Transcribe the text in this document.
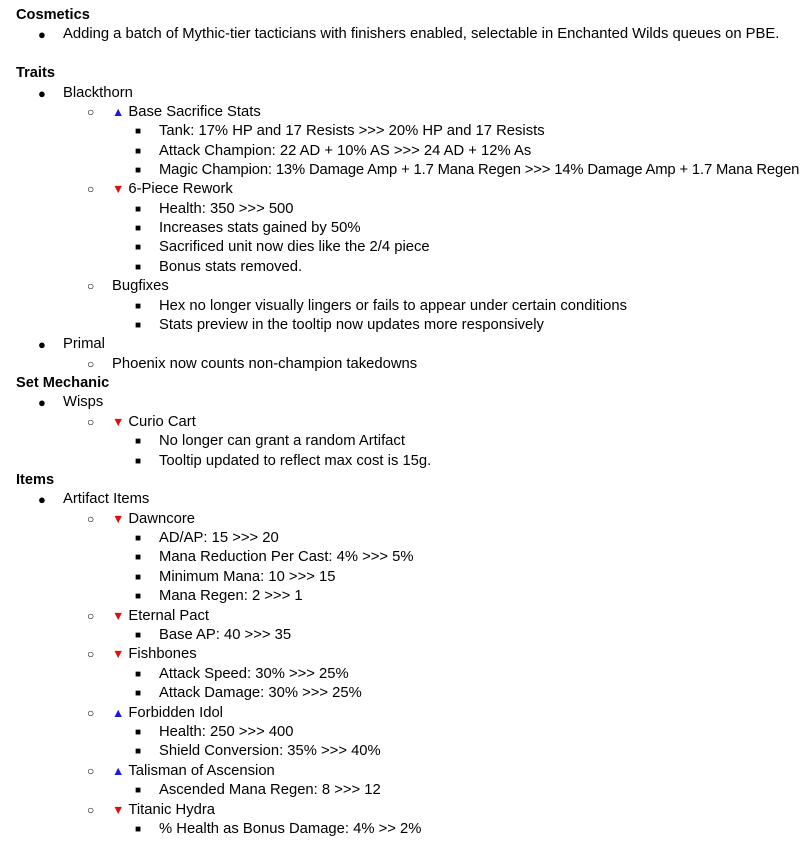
Cosmetics
● Adding a batch of Mythic-tier tacticians with finishers enabled, selectable in Enchanted Wilds queues on PBE.
Traits
● Blackthorn
○ ▲ Base Sacrifice Stats
■ Tank: 17% HP and 17 Resists >>> 20% HP and 17 Resists
■ Attack Champion: 22 AD + 10% AS >>> 24 AD + 12% As
■ Magic Champion: 13% Damage Amp + 1.7 Mana Regen >>> 14% Damage Amp + 1.7 Mana Regen
○ ▼ 6-Piece Rework
■ Health: 350 >>> 500
■ Increases stats gained by 50%
■ Sacrificed unit now dies like the 2/4 piece
■ Bonus stats removed.
○ Bugfixes
■ Hex no longer visually lingers or fails to appear under certain conditions
■ Stats preview in the tooltip now updates more responsively
● Primal
○ Phoenix now counts non-champion takedowns
Set Mechanic
● Wisps
○ ▼ Curio Cart
■ No longer can grant a random Artifact
■ Tooltip updated to reflect max cost is 15g.
Items
● Artifact Items
○ ▼ Dawncore
■ AD/AP: 15 >>> 20
■ Mana Reduction Per Cast: 4% >>> 5%
■ Minimum Mana: 10 >>> 15
■ Mana Regen: 2 >>> 1
○ ▼ Eternal Pact
■ Base AP: 40 >>> 35
○ ▼ Fishbones
■ Attack Speed: 30% >>> 25%
■ Attack Damage: 30% >>> 25%
○ ▲ Forbidden Idol
■ Health: 250 >>> 400
■ Shield Conversion: 35% >>> 40%
○ ▲ Talisman of Ascension
■ Ascended Mana Regen: 8 >>> 12
○ ▼ Titanic Hydra
■ % Health as Bonus Damage: 4% >> 2%
